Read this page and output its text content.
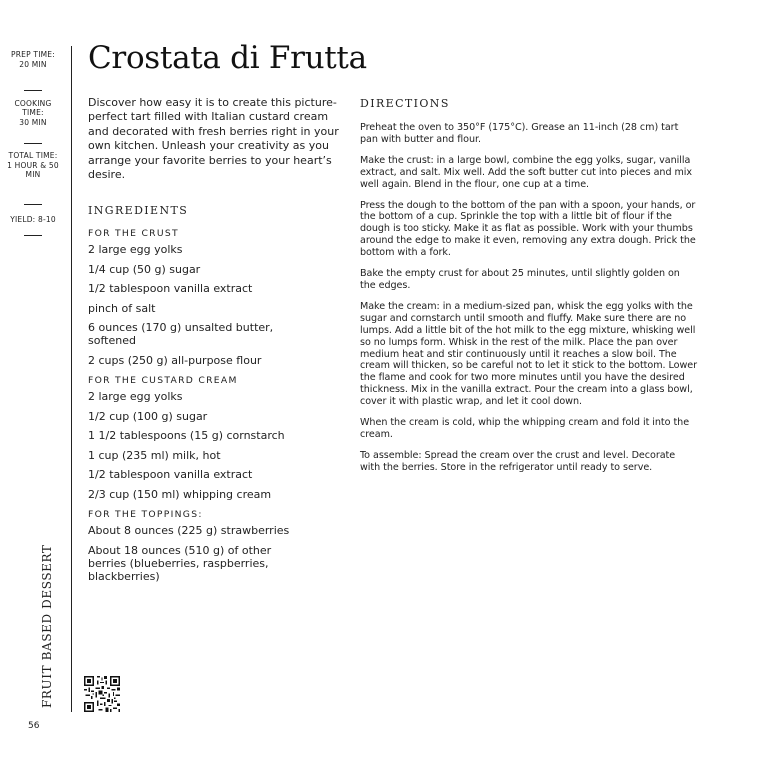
PREP TIME:
20 MIN
COOKING TIME:
30 MIN
TOTAL TIME:
1 HOUR & 50 MIN
YIELD: 8-10
FRUIT BASED DESSERT
56
Crostata di Frutta

Discover how easy it is to create this picture-perfect tart filled with Italian custard cream and decorated with fresh berries right in your own kitchen. Unleash your creativity as you arrange your favorite berries to your heart’s desire.

INGREDIENTS
FOR THE CRUST
2 large egg yolks
1/4 cup (50 g) sugar
1/2 tablespoon vanilla extract
pinch of salt
6 ounces (170 g) unsalted butter, softened
2 cups (250 g) all-purpose flour
FOR THE CUSTARD CREAM
2 large egg yolks
1/2 cup (100 g) sugar
1 1/2 tablespoons (15 g) cornstarch
1 cup (235 ml) milk, hot
1/2 tablespoon vanilla extract
2/3 cup (150 ml) whipping cream
FOR THE TOPPINGS:
About 8 ounces (225 g) strawberries
About 18 ounces (510 g) of other berries (blueberries, raspberries, blackberries)
DIRECTIONS

Preheat the oven to 350°F (175°C). Grease an 11-inch (28 cm) tart pan with butter and flour.

Make the crust: in a large bowl, combine the egg yolks, sugar, vanilla extract, and salt. Mix well. Add the soft butter cut into pieces and mix well again. Blend in the flour, one cup at a time.

Press the dough to the bottom of the pan with a spoon, your hands, or the bottom of a cup. Sprinkle the top with a little bit of flour if the dough is too sticky. Make it as flat as possible. Work with your thumbs around the edge to make it even, removing any extra dough. Prick the bottom with a fork.

Bake the empty crust for about 25 minutes, until slightly golden on the edges.

Make the cream: in a medium-sized pan, whisk the egg yolks with the sugar and cornstarch until smooth and fluffy. Make sure there are no lumps. Add a little bit of the hot milk to the egg mixture, whisking well so no lumps form. Whisk in the rest of the milk. Place the pan over medium heat and stir continuously until it reaches a slow boil. The cream will thicken, so be careful not to let it stick to the bottom. Lower the flame and cook for two more minutes until you have the desired thickness. Mix in the vanilla extract. Pour the cream into a glass bowl, cover it with plastic wrap, and let it cool down.

When the cream is cold, whip the whipping cream and fold it into the cream.

To assemble: Spread the cream over the crust and level. Decorate with the berries. Store in the refrigerator until ready to serve.
